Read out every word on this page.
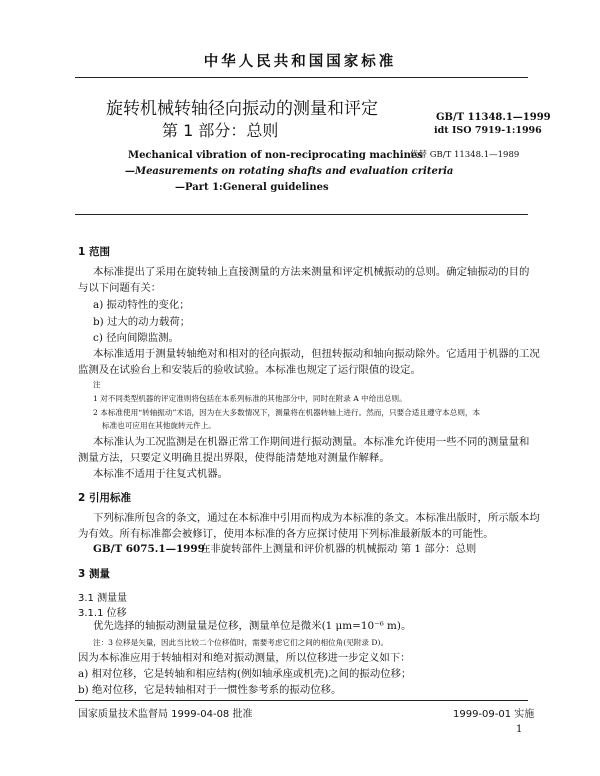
中华人民共和国国家标准
旋转机械转轴径向振动的测量和评定
第 1 部分：总则
GB/T 11348.1—1999
idt ISO 7919-1:1996
代替 GB/T 11348.1—1989
Mechanical vibration of non-reciprocating machines
—Measurements on rotating shafts and evaluation criteria
—Part 1:General guidelines
1 范围
本标准提出了采用在旋转轴上直接测量的方法来测量和评定机械振动的总则。确定轴振动的目的
与以下问题有关：
a) 振动特性的变化；
b) 过大的动力载荷；
c) 径向间隙监测。
本标准适用于测量转轴绝对和相对的径向振动，但扭转振动和轴向振动除外。它适用于机器的工况
监测及在试验台上和安装后的验收试验。本标准也规定了运行限值的设定。
注
1 对不同类型机器的评定准则将包括在本系列标准的其他部分中，同时在附录 A 中给出总则。
2 本标准使用“转轴振动”术语，因为在大多数情况下，测量将在机器转轴上进行。然而，只要合适且遵守本总则，本
标准也可应用在其他旋转元件上。
本标准认为工况监测是在机器正常工作期间进行振动测量。本标准允许使用一些不同的测量量和
测量方法，只要定义明确且提出界限，使得能清楚地对测量作解释。
本标准不适用于往复式机器。
2 引用标准
下列标准所包含的条文，通过在本标准中引用而构成为本标准的条文。本标准出版时，所示版本均
为有效。所有标准都会被修订，使用本标准的各方应探讨使用下列标准最新版本的可能性。
GB/T 6075.1—1999
在非旋转部件上测量和评价机器的机械振动 第 1 部分：总则
3 测量
3.1 测量量
3.1.1 位移
优先选择的轴振动测量量是位移，测量单位是微米(1 μm=10⁻⁶ m)。
注：3 位移是矢量，因此当比较二个位移值时，需要考虑它们之间的相位角(见附录 D)。
因为本标准应用于转轴相对和绝对振动测量，所以位移进一步定义如下：
a) 相对位移，它是转轴和相应结构(例如轴承座或机壳)之间的振动位移；
b) 绝对位移，它是转轴相对于一惯性参考系的振动位移。
国家质量技术监督局 1999-04-08 批准	1999-09-01 实施
1
